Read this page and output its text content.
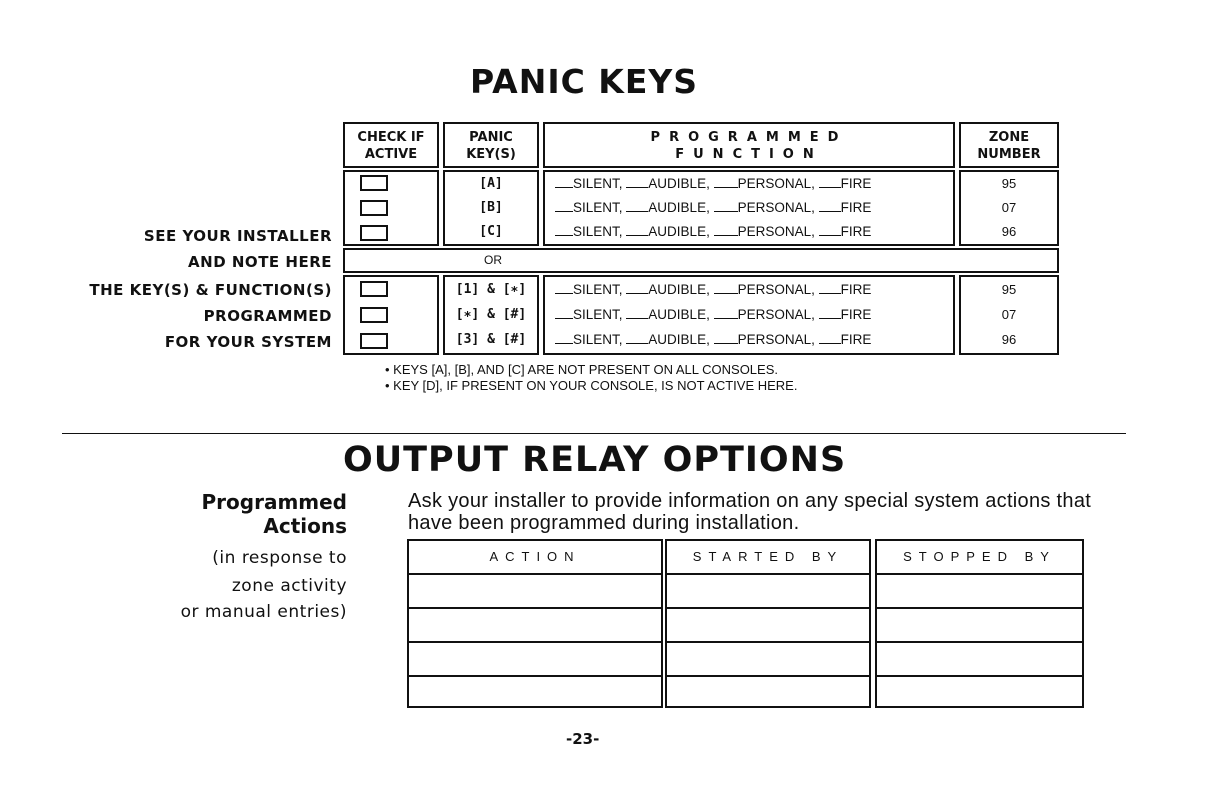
PANIC KEYS
SEE YOUR INSTALLER
AND NOTE HERE
THE KEY(S) & FUNCTION(S)
PROGRAMMED
FOR YOUR SYSTEM
CHECK IF
ACTIVE
PANIC
KEY(S)
PROGRAMMED
FUNCTION
ZONE
NUMBER
[A]
[B]
[C]
SILENT, AUDIBLE, PERSONAL, FIRE
SILENT, AUDIBLE, PERSONAL, FIRE
SILENT, AUDIBLE, PERSONAL, FIRE
95
07
96
OR
[1] & [∗]
[∗] & [#]
[3] & [#]
SILENT, AUDIBLE, PERSONAL, FIRE
SILENT, AUDIBLE, PERSONAL, FIRE
SILENT, AUDIBLE, PERSONAL, FIRE
95
07
96
• KEYS [A], [B], AND [C] ARE NOT PRESENT ON ALL CONSOLES.
• KEY [D], IF PRESENT ON YOUR CONSOLE, IS NOT ACTIVE HERE.
OUTPUT RELAY OPTIONS
Programmed
Actions
(in response to
zone activity
or manual entries)
Ask your installer to provide information on any special system actions that have been programmed during installation.
ACTION	STARTED BY	STOPPED BY
-23-
